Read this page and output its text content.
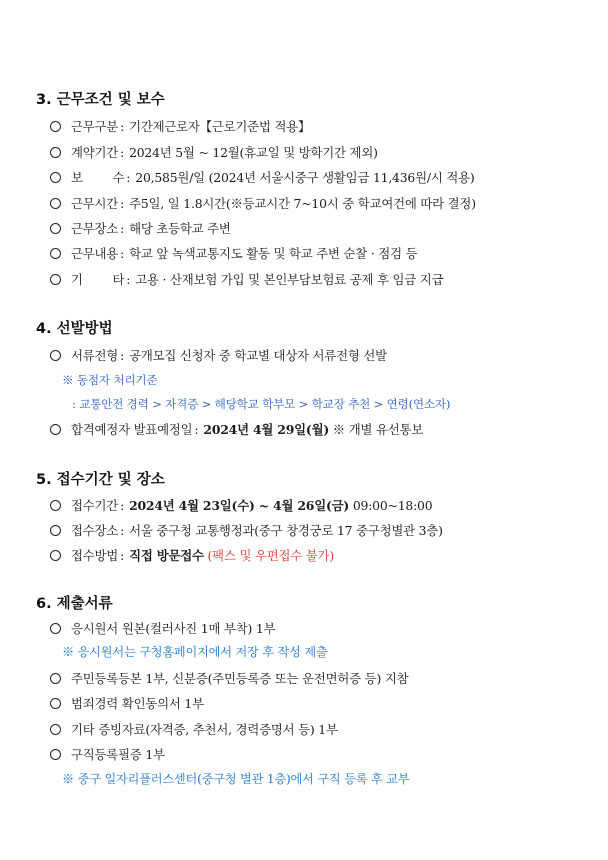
3. 근무조건 및 보수
근무구분 : 기간제근로자【근로기준법 적용】
계약기간 : 2024년 5월 ~ 12월(휴교일 및 방학기간 제외)
보 수 : 20,585원/일 (2024년 서울시중구 생활임금 11,436원/시 적용)
근무시간 : 주5일, 일 1.8시간(※등교시간 7~10시 중 학교여건에 따라 결정)
근무장소 : 해당 초등학교 주변
근무내용 : 학교 앞 녹색교통지도 활동 및 학교 주변 순찰 · 점검 등
기 타 : 고용 · 산재보험 가입 및 본인부담보험료 공제 후 임금 지급
4. 선발방법
서류전형 : 공개모집 신청자 중 학교별 대상자 서류전형 선발
※ 동점자 처리기준
: 교통안전 경력 > 자격증 > 해당학교 학부모 > 학교장 추천 > 연령(연소자)
합격예정자 발표예정일 : 2024년 4월 29일(월) ※ 개별 유선통보
5. 접수기간 및 장소
접수기간 : 2024년 4월 23일(수) ~ 4월 26일(금) 09:00~18:00
접수장소 : 서울 중구청 교통행정과(중구 창경궁로 17 중구청별관 3층)
접수방법 : 직접 방문접수 (팩스 및 우편접수 불가)
6. 제출서류
응시원서 원본(컬러사진 1매 부착) 1부
※ 응시원서는 구청홈페이지에서 저장 후 작성 제출
주민등록등본 1부, 신분증(주민등록증 또는 운전면허증 등) 지참
범죄경력 확인동의서 1부
기타 증빙자료(자격증, 추천서, 경력증명서 등) 1부
구직등록필증 1부
※ 중구 일자리플러스센터(중구청 별관 1층)에서 구직 등록 후 교부
